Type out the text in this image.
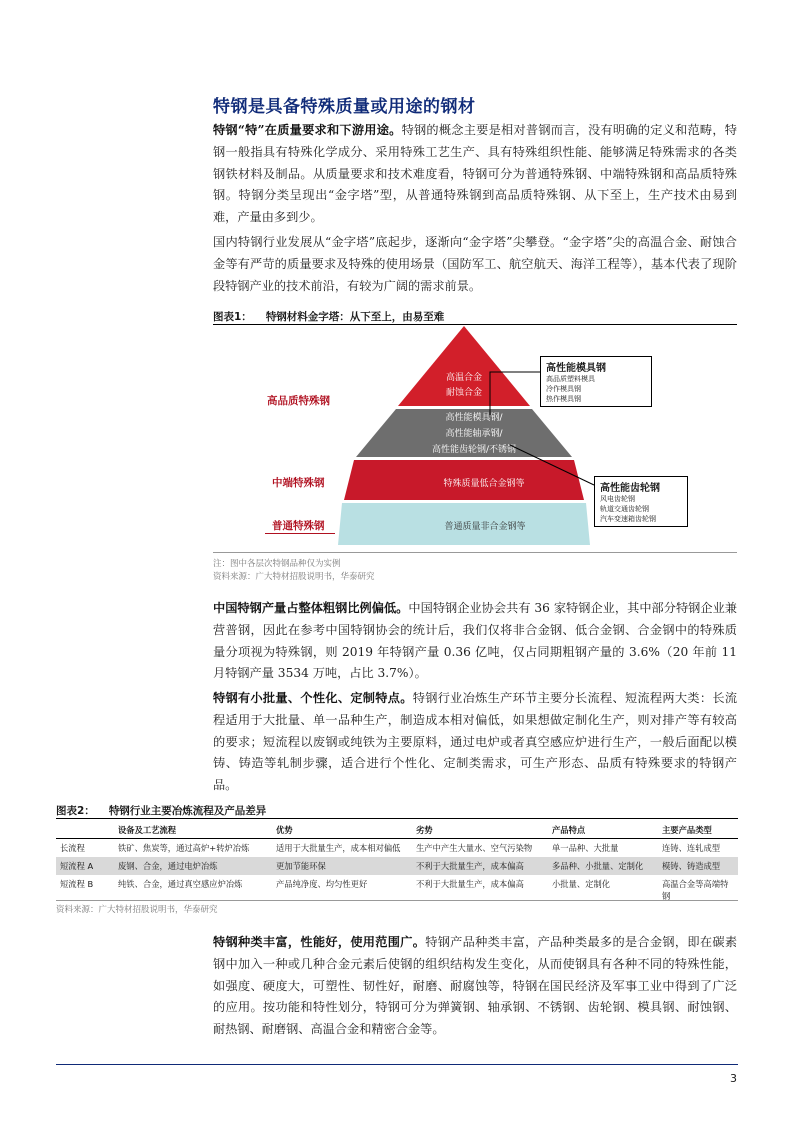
特钢是具备特殊质量或用途的钢材
特钢“特”在质量要求和下游用途。特钢的概念主要是相对普钢而言，没有明确的定义和范畴，特钢一般指具有特殊化学成分、采用特殊工艺生产、具有特殊组织性能、能够满足特殊需求的各类钢铁材料及制品。从质量要求和技术难度看，特钢可分为普通特殊钢、中端特殊钢和高品质特殊钢。特钢分类呈现出“金字塔”型，从普通特殊钢到高品质特殊钢、从下至上，生产技术由易到难，产量由多到少。
国内特钢行业发展从“金字塔”底起步，逐渐向“金字塔”尖攀登。“金字塔”尖的高温合金、耐蚀合金等有严苛的质量要求及特殊的使用场景（国防军工、航空航天、海洋工程等），基本代表了现阶段特钢产业的技术前沿，有较为广阔的需求前景。
图表1： 特钢材料金字塔：从下至上，由易至难
高温合金
耐蚀合金
高性能模具钢/
高性能轴承钢/
高性能齿轮钢/不锈钢
特殊质量低合金钢等
普通质量非合金钢等
高品质特殊钢
中端特殊钢
普通特殊钢
高性能模具钢
高品质塑料模具
冷作模具钢
热作模具钢
高性能齿轮钢
风电齿轮钢
轨道交通齿轮钢
汽车变速箱齿轮钢
注：图中各层次特钢品种仅为实例
资料来源：广大特材招股说明书，华泰研究
中国特钢产量占整体粗钢比例偏低。中国特钢企业协会共有 36 家特钢企业，其中部分特钢企业兼营普钢，因此在参考中国特钢协会的统计后，我们仅将非合金钢、低合金钢、合金钢中的特殊质量分项视为特殊钢，则 2019 年特钢产量 0.36 亿吨，仅占同期粗钢产量的 3.6%（20 年前 11 月特钢产量 3534 万吨，占比 3.7%）。
特钢有小批量、个性化、定制特点。特钢行业冶炼生产环节主要分长流程、短流程两大类：长流程适用于大批量、单一品种生产，制造成本相对偏低，如果想做定制化生产，则对排产等有较高的要求；短流程以废钢或纯铁为主要原料，通过电炉或者真空感应炉进行生产，一般后面配以模铸、铸造等轧制步骤，适合进行个性化、定制类需求，可生产形态、品质有特殊要求的特钢产品。
图表2： 特钢行业主要冶炼流程及产品差异
	设备及工艺流程	优势	劣势	产品特点	主要产品类型
长流程	铁矿、焦炭等，通过高炉+转炉冶炼	适用于大批量生产，成本相对偏低	生产中产生大量水、空气污染物	单一品种、大批量	连铸、连轧成型
短流程 A	废钢、合金，通过电炉冶炼	更加节能环保	不利于大批量生产，成本偏高	多品种、小批量、定制化	模铸、铸造成型
短流程 B	纯铁、合金，通过真空感应炉冶炼	产品纯净度、均匀性更好	不利于大批量生产，成本偏高	小批量、定制化	高温合金等高端特钢
资料来源：广大特材招股说明书，华泰研究
特钢种类丰富，性能好，使用范围广。特钢产品种类丰富，产品种类最多的是合金钢，即在碳素钢中加入一种或几种合金元素后使钢的组织结构发生变化，从而使钢具有各种不同的特殊性能，如强度、硬度大，可塑性、韧性好，耐磨、耐腐蚀等，特钢在国民经济及军事工业中得到了广泛的应用。按功能和特性划分，特钢可分为弹簧钢、轴承钢、不锈钢、齿轮钢、模具钢、耐蚀钢、耐热钢、耐磨钢、高温合金和精密合金等。
3
